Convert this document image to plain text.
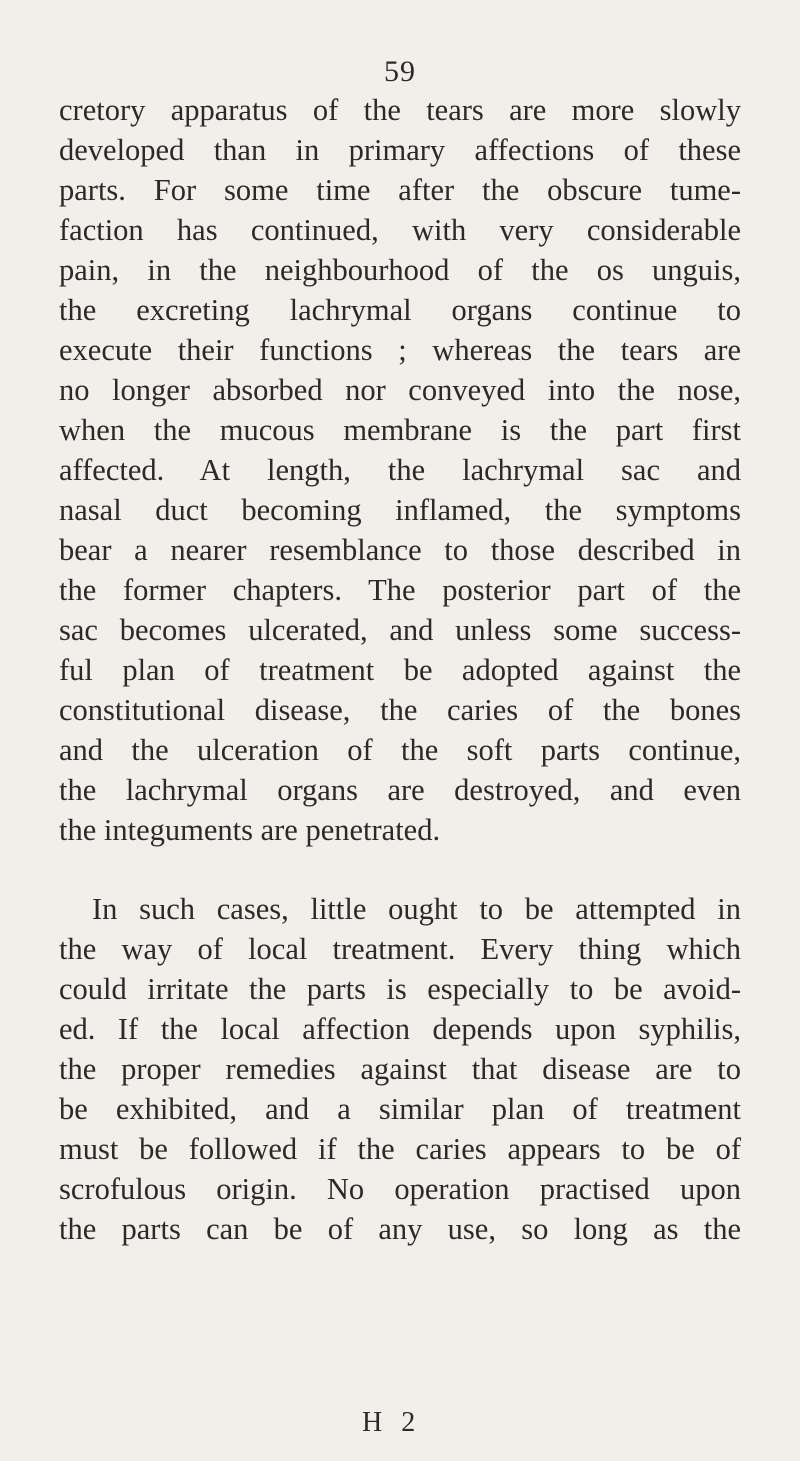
59
cretory apparatus of the tears are more slowly
developed than in primary affections of these
parts. For some time after the obscure tume-
faction has continued, with very considerable
pain, in the neighbourhood of the os unguis,
the excreting lachrymal organs continue to
execute their functions ; whereas the tears are
no longer absorbed nor conveyed into the nose,
when the mucous membrane is the part first
affected. At length, the lachrymal sac and
nasal duct becoming inflamed, the symptoms
bear a nearer resemblance to those described in
the former chapters. The posterior part of the
sac becomes ulcerated, and unless some success-
ful plan of treatment be adopted against the
constitutional disease, the caries of the bones
and the ulceration of the soft parts continue,
the lachrymal organs are destroyed, and even
the integuments are penetrated.
In such cases, little ought to be attempted in
the way of local treatment. Every thing which
could irritate the parts is especially to be avoid-
ed. If the local affection depends upon syphilis,
the proper remedies against that disease are to
be exhibited, and a similar plan of treatment
must be followed if the caries appears to be of
scrofulous origin. No operation practised upon
the parts can be of any use, so long as the
H 2
